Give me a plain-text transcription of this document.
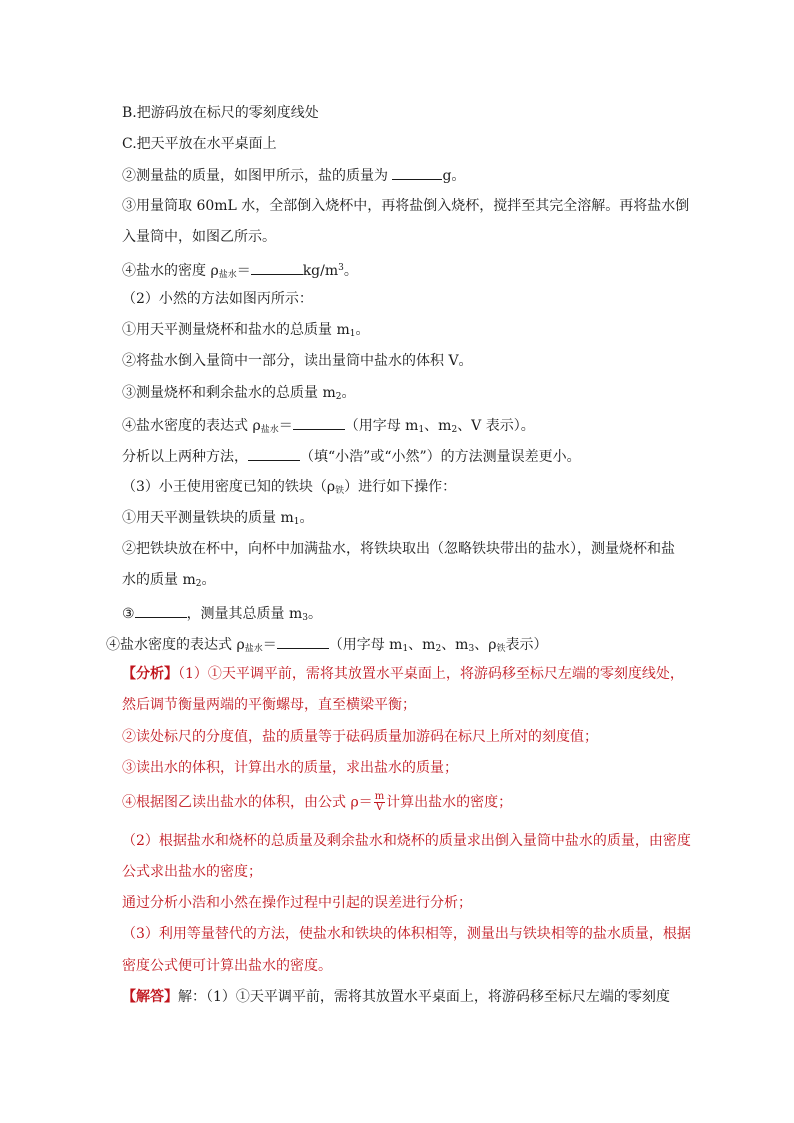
B.把游码放在标尺的零刻度线处
C.把天平放在水平桌面上
②测量盐的质量，如图甲所示，盐的质量为	g。
③用量筒取 60mL 水，全部倒入烧杯中，再将盐倒入烧杯，搅拌至其完全溶解。再将盐水倒
入量筒中，如图乙所示。
④盐水的密度 $\rho_{盐水}=$	$kg/m^3$。
（2）小然的方法如图丙所示：
①用天平测量烧杯和盐水的总质量 $m_1$。
②将盐水倒入量筒中一部分，读出量筒中盐水的体积 V。
③测量烧杯和剩余盐水的总质量 $m_2$。
④盐水密度的表达式 $\rho_{盐水}=$	（用字母 $m_1$、$m_2$、V 表示）。
分析以上两种方法，	（填“小浩”或“小然”）的方法测量误差更小。
（3）小王使用密度已知的铁块$(\rho_铁)$进行如下操作：
①用天平测量铁块的质量 $m_1$。
②把铁块放在杯中，向杯中加满盐水，将铁块取出（忽略铁块带出的盐水），测量烧杯和盐
水的质量 $m_2$。
③	，测量其总质量 $m_3$。
④盐水密度的表达式 $\rho_{盐水}=$	（用字母 $m_1$、$m_2$、$m_3$、$\rho_铁$表示）
【分析】（1）①天平调平前，需将其放置水平桌面上，将游码移至标尺左端的零刻度线处，
然后调节衡量两端的平衡螺母，直至横梁平衡；
②读处标尺的分度值，盐的质量等于砝码质量加游码在标尺上所对的刻度值；
③读出水的体积，计算出水的质量，求出盐水的质量；
④根据图乙读出盐水的体积，由公式 $\rho= \frac{m}{V}$ 计算出盐水的密度；
（2）根据盐水和烧杯的总质量及剩余盐水和烧杯的质量求出倒入量筒中盐水的质量，由密度
公式求出盐水的密度；
通过分析小浩和小然在操作过程中引起的误差进行分析；
（3）利用等量替代的方法，使盐水和铁块的体积相等，测量出与铁块相等的盐水质量，根据
密度公式便可计算出盐水的密度。
【解答】解：（1）①天平调平前，需将其放置水平桌面上，将游码移至标尺左端的零刻度
